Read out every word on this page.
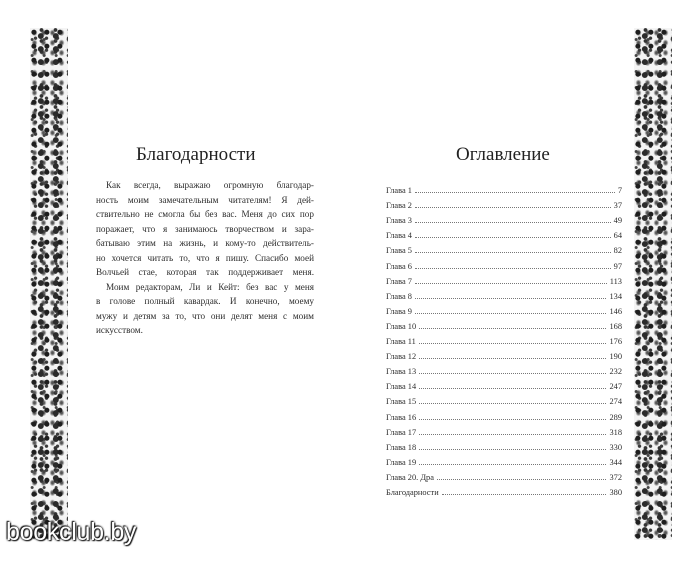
Благодарности
Как всегда, выражаю огромную благодар-
ность моим замечательным читателям! Я дей-
ствительно не смогла бы без вас. Меня до сих пор
поражает, что я занимаюсь творчеством и зара-
батываю этим на жизнь, и кому-то действитель-
но хочется читать то, что я пишу. Спасибо моей
Волчьей стае, которая так поддерживает меня.
Моим редакторам, Ли и Кейт: без вас у меня
в голове полный кавардак. И конечно, моему
мужу и детям за то, что они делят меня с моим
искусством.
Оглавление
Глава 1	7
Глава 2	37
Глава 3	49
Глава 4	64
Глава 5	82
Глава 6	97
Глава 7	113
Глава 8	134
Глава 9	146
Глава 10	168
Глава 11	176
Глава 12	190
Глава 13	232
Глава 14	247
Глава 15	274
Глава 16	289
Глава 17	318
Глава 18	330
Глава 19	344
Глава 20. Дра	372
Благодарности	380
bookclub.by
